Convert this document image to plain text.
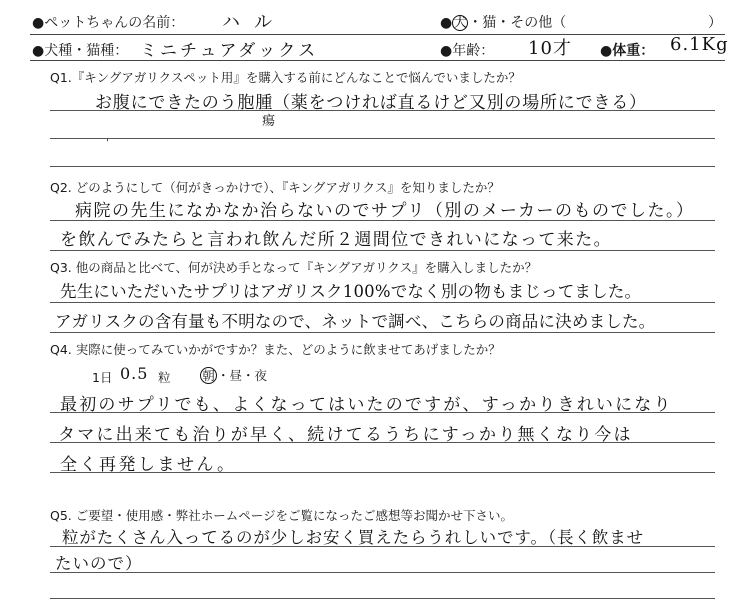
●ペットちゃんの名前： ハル	●犬・猫・その他（	）
●犬種・猫種： ミニチュアダックス	●年齢： 10才 ●体重： 6.1Kg
Q1.『キングアガリクスペット用』を購入する前にどんなことで悩んでいましたか？
お腹にできたのう胞腫（薬をつければ直るけど又別の場所にできる）
瘍
'
Q2. どのようにして（何がきっかけで）、『キングアガリクス』を知りましたか？
病院の先生になかなか治らないのでサプリ（別のメーカーのものでした。）
を飲んでみたらと言われ飲んだ所２週間位できれいになって来た。
Q3. 他の商品と比べて、何が決め手となって『キングアガリクス』を購入しましたか？
先生にいただいたサプリはアガリスク100%でなく別の物もまじってました。
アガリスクの含有量も不明なので、ネットで調べ、こちらの商品に決めました。
Q4. 実際に使ってみていかがですか？また、どのように飲ませてあげましたか？
1日 0.5 粒	朝 ・昼・夜
最初のサプリでも、よくなってはいたのですが、すっかりきれいになり
タマに出来ても治りが早く、続けてるうちにすっかり無くなり今は
全く再発しません。
Q5. ご要望・使用感・弊社ホームページをご覧になったご感想等お聞かせ下さい。
粒がたくさん入ってるのが少しお安く買えたらうれしいです。（長く飲ませ
たいので）
